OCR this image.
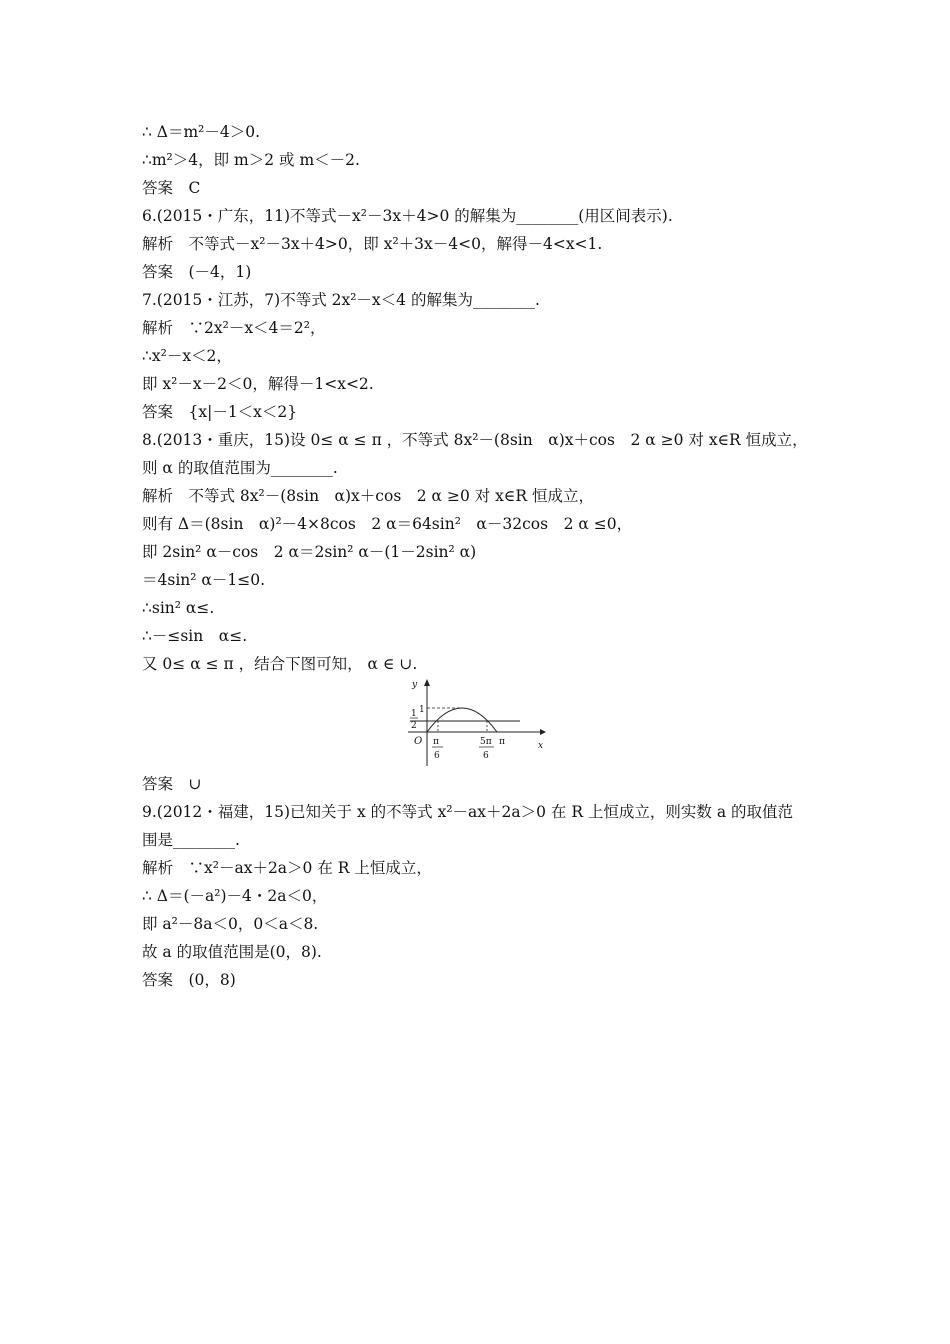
∴ Δ＝m²－4＞0.
∴m²＞4，即 m＞2 或 m＜－2.
答案　C
6.(2015・广东，11)不等式－x²－3x＋4>0 的解集为________(用区间表示).
解析　不等式－x²－3x＋4>0，即 x²＋3x－4<0，解得－4<x<1.
答案　(－4，1)
7.(2015・江苏，7)不等式 2x²－x＜4 的解集为________.
解析　∵2x²－x＜4＝2²，
∴x²－x＜2，
即 x²－x－2＜0，解得－1<x<2.
答案　{x|－1＜x＜2}
8.(2013・重庆，15)设 0≤ α ≤ π ，不等式 8x²－(8sin　α)x＋cos　2 α ≥0 对 x∈R 恒成立，
则 α 的取值范围为________.
解析　不等式 8x²－(8sin　α)x＋cos　2 α ≥0 对 x∈R 恒成立，
则有 Δ＝(8sin　α)²－4×8cos　2 α＝64sin²　α－32cos　2 α ≤0，
即 2sin² α－cos　2 α＝2sin² α－(1－2sin² α)
＝4sin² α－1≤0.
∴sin² α≤.
∴－≤sin　α≤.
又 0≤ α ≤ π ，结合下图可知， α ∈ ∪.
y
x
O
1
1
2
π
6
5π
6
π
答案　∪
9.(2012・福建，15)已知关于 x 的不等式 x²－ax＋2a＞0 在 R 上恒成立，则实数 a 的取值范
围是________.
解析　∵x²－ax＋2a＞0 在 R 上恒成立，
∴ Δ＝(－a²)－4・2a＜0，
即 a²－8a＜0，0＜a＜8.
故 a 的取值范围是(0，8).
答案　(0，8)
